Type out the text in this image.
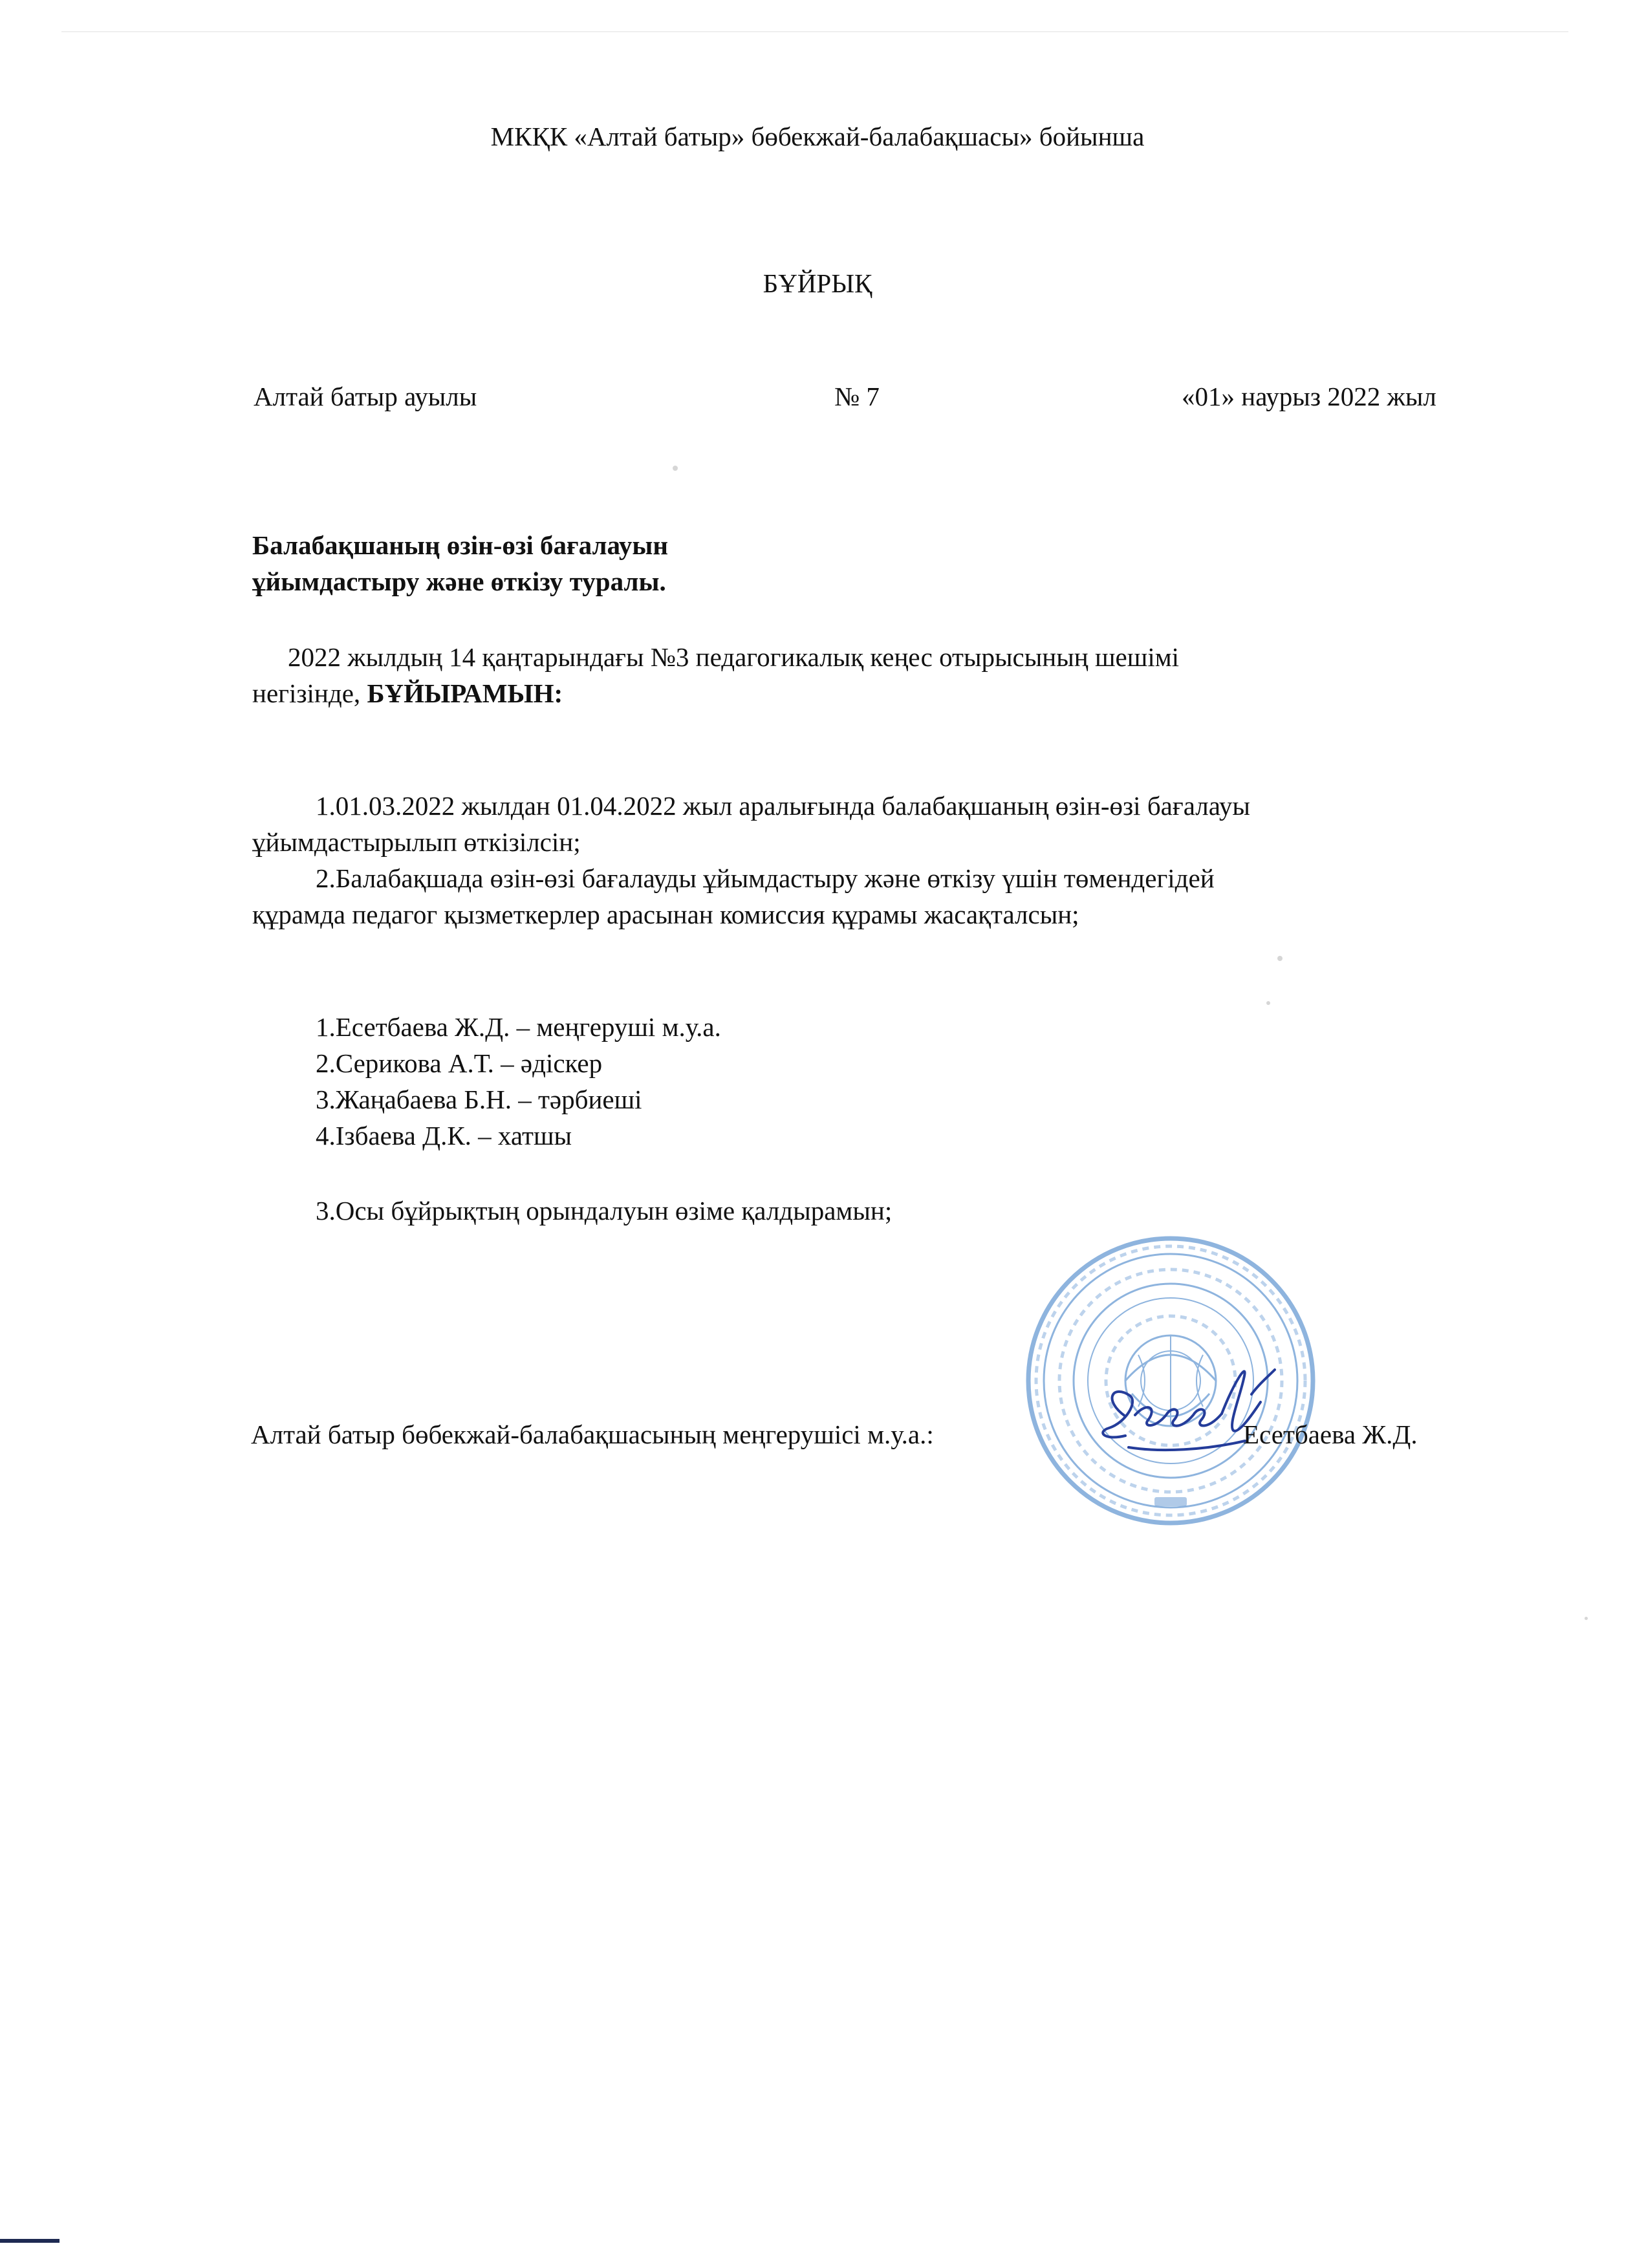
МКҚК «Алтай батыр» бөбекжай-балабақшасы» бойынша
БҰЙРЫҚ
Алтай батыр ауылы	№ 7	«01» наурыз 2022 жыл
Балабақшаның өзін-өзі бағалауын
ұйымдастыру және өткізу туралы.
2022 жылдың 14 қаңтарындағы №3 педагогикалық кеңес отырысының шешімі
негізінде, БҰЙЫРАМЫН:
1.01.03.2022 жылдан 01.04.2022 жыл аралығында балабақшаның өзін-өзі бағалауы
ұйымдастырылып өткізілсін;
2.Балабақшада өзін-өзі бағалауды ұйымдастыру және өткізу үшін төмендегідей
құрамда педагог қызметкерлер арасынан комиссия құрамы жасақталсын;
1.Есетбаева Ж.Д. – меңгеруші м.у.а.
2.Серикова А.Т. – әдіскер
3.Жаңабаева Б.Н. – тәрбиеші
4.Ізбаева Д.К. – хатшы
3.Осы бұйрықтың орындалуын өзіме қалдырамын;
Алтай батыр бөбекжай-балабақшасының меңгерушісі м.у.а.:	Есетбаева Ж.Д.
